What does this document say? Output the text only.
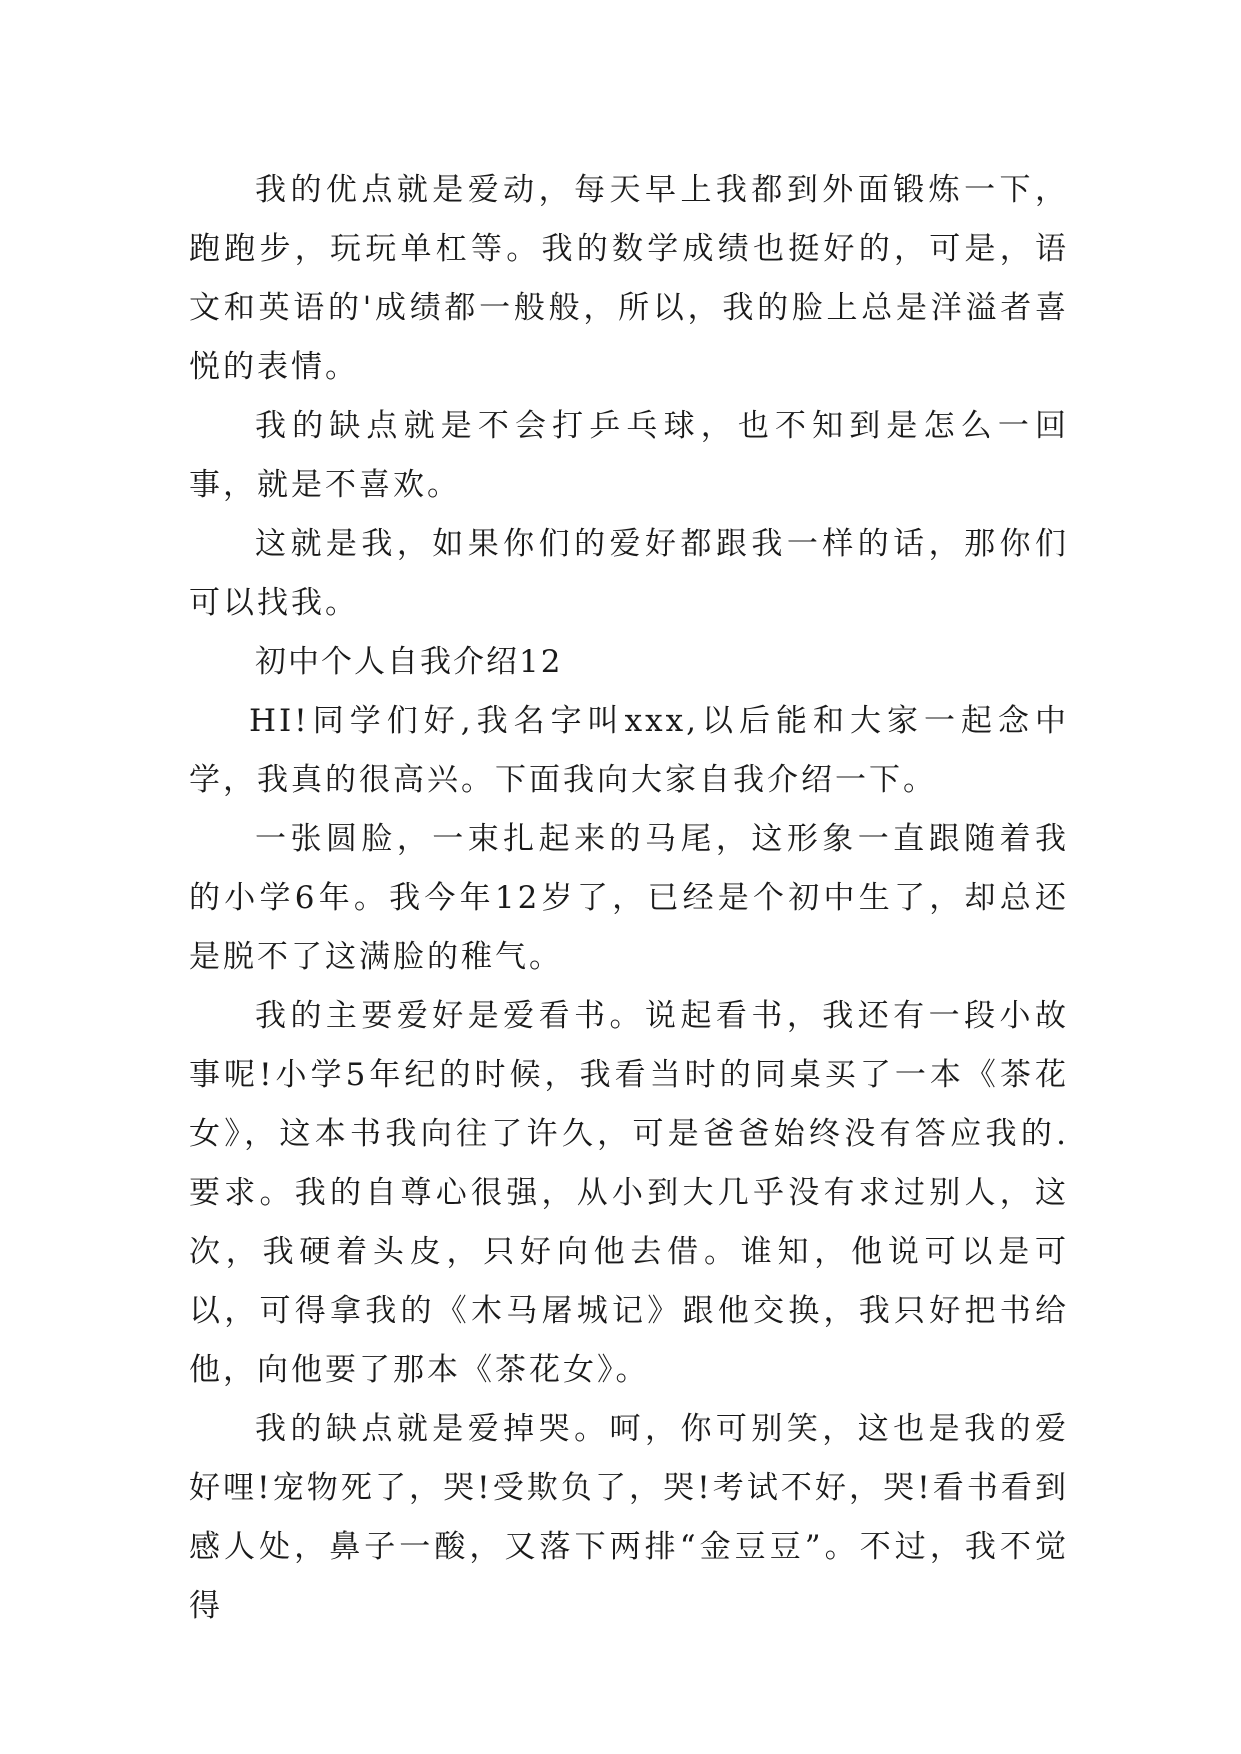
我的优点就是爱动，每天早上我都到外面锻炼一下，跑跑步，玩玩单杠等。我的数学成绩也挺好的，可是，语文和英语的'成绩都一般般，所以，我的脸上总是洋溢者喜悦的表情。

我的缺点就是不会打乒乓球，也不知到是怎么一回事，就是不喜欢。

这就是我，如果你们的爱好都跟我一样的话，那你们可以找我。

初中个人自我介绍12

HI!同学们好,我名字叫xxx,以后能和大家一起念中学，我真的很高兴。下面我向大家自我介绍一下。

一张圆脸，一束扎起来的马尾，这形象一直跟随着我的小学6年。我今年12岁了，已经是个初中生了，却总还是脱不了这满脸的稚气。

我的主要爱好是爱看书。说起看书，我还有一段小故事呢!小学5年纪的时候，我看当时的同桌买了一本《茶花女》，这本书我向往了许久，可是爸爸始终没有答应我的.要求。我的自尊心很强，从小到大几乎没有求过别人，这次，我硬着头皮，只好向他去借。谁知，他说可以是可以，可得拿我的《木马屠城记》跟他交换，我只好把书给他，向他要了那本《茶花女》。

我的缺点就是爱掉哭。呵，你可别笑，这也是我的爱好哩!宠物死了，哭!受欺负了，哭!考试不好，哭!看书看到感人处，鼻子一酸，又落下两排“金豆豆”。不过，我不觉得
